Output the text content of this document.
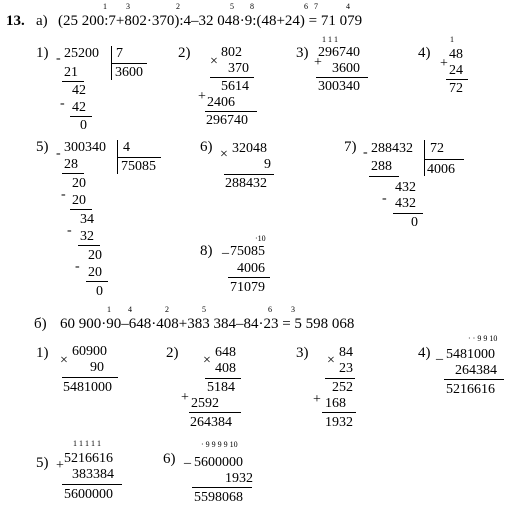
13. а) (25 200:7+802·370):4–32 048·9:(48+24) = 71 079
1 3	2	5 8	6 7	4
1) - 25200 7
3600
21
42
- 42
0
2)
×
802
370
5614
+ 2406
296740
3)
1 1 1
+
296740
3600
300340
4)
1
+
48
24
72
5) - 300340 4
75085
28
20
- 20
34
- 32
20
- 20
0
6) × 32048
9
288432
7) - 288432 72
4006
288
432
- 432
0
8)
·10
_ 75085
4006
71079
б) 60 900·90–648·408+383 384–84·23 = 5 598 068
1 4	2	5	6 3
1) ×
60900
90
5481000
2) ×
648
408
5184
+ 2592
264384
3) ×
84
23
252
+ 168
1932
4)
· · 9 9 10
_ 5481000
264384
5216616
5)
1 1 1 1 1
+ 5216616
383384
5600000
6)
· 9 9 9 9 10
_ 5600000
1932
5598068
